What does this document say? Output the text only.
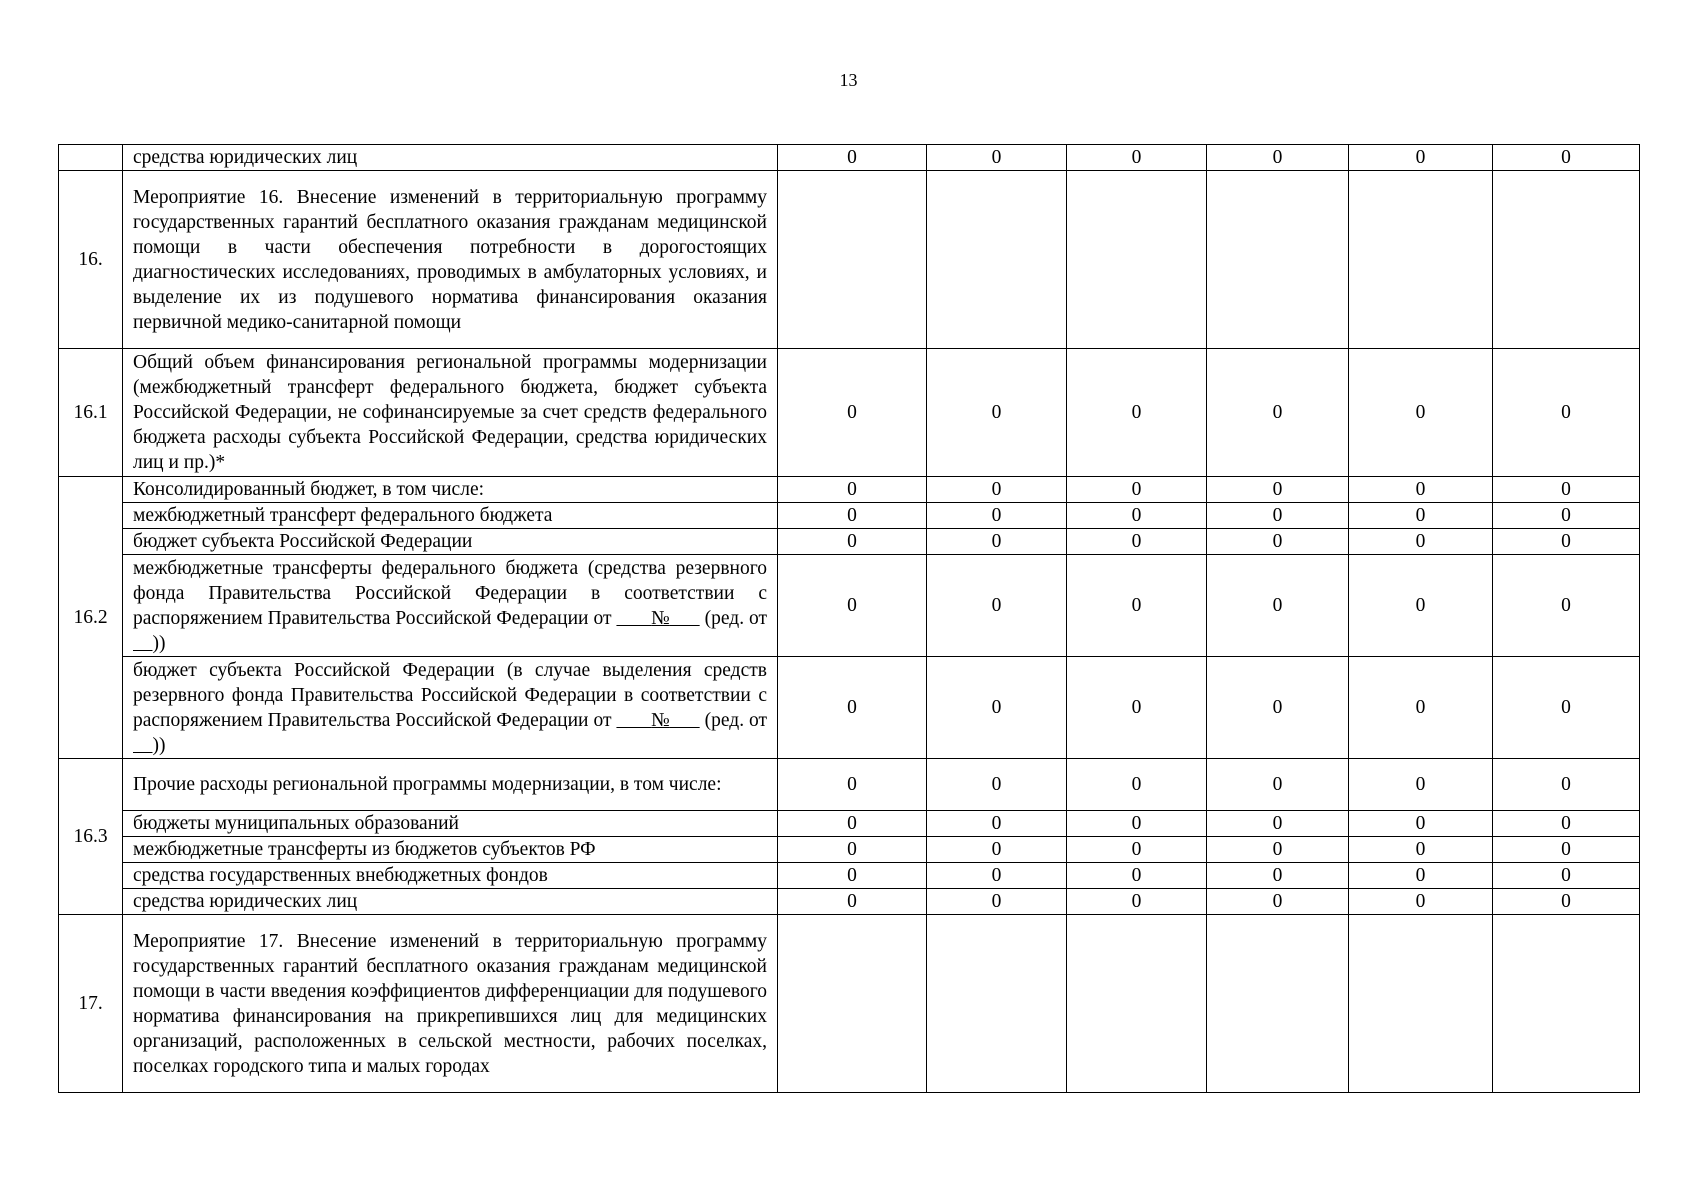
13
	средства юридических лиц	0	0	0	0	0	0
16.	Мероприятие 16. Внесение изменений в территориальную программу государственных гарантий бесплатного оказания гражданам медицинской помощи в части обеспечения потребности в дорогостоящих диагностических исследованиях, проводимых в амбулаторных условиях, и выделение их из подушевого норматива финансирования оказания первичной медико-санитарной помощи						
16.1	Общий объем финансирования региональной программы модернизации (межбюджетный трансферт федерального бюджета, бюджет субъекта Российской Федерации, не софинансируемые за счет средств федерального бюджета расходы субъекта Российской Федерации, средства юридических лиц и пр.)*	0	0	0	0	0	0
16.2	Консолидированный бюджет, в том числе:	0	0	0	0	0	0
	межбюджетный трансферт федерального бюджета	0	0	0	0	0	0
	бюджет субъекта Российской Федерации	0	0	0	0	0	0
	межбюджетные трансферты федерального бюджета (средства резервного фонда Правительства Российской Федерации в соответствии с распоряжением Правительства Российской Федерации от № (ред. от     ))	0	0	0	0	0	0
	бюджет субъекта Российской Федерации (в случае выделения средств резервного фонда Правительства Российской Федерации в соответствии с распоряжением Правительства Российской Федерации от № (ред. от     ))	0	0	0	0	0	0
16.3	Прочие расходы региональной программы модернизации, в том числе:	0	0	0	0	0	0
	бюджеты муниципальных образований	0	0	0	0	0	0
	межбюджетные трансферты из бюджетов субъектов РФ	0	0	0	0	0	0
	средства государственных внебюджетных фондов	0	0	0	0	0	0
	средства юридических лиц	0	0	0	0	0	0
17.	Мероприятие 17. Внесение изменений в территориальную программу государственных гарантий бесплатного оказания гражданам медицинской помощи в части введения коэффициентов дифференциации для подушевого норматива финансирования на прикрепившихся лиц для медицинских организаций, расположенных в сельской местности, рабочих поселках, поселках городского типа и малых городах						
